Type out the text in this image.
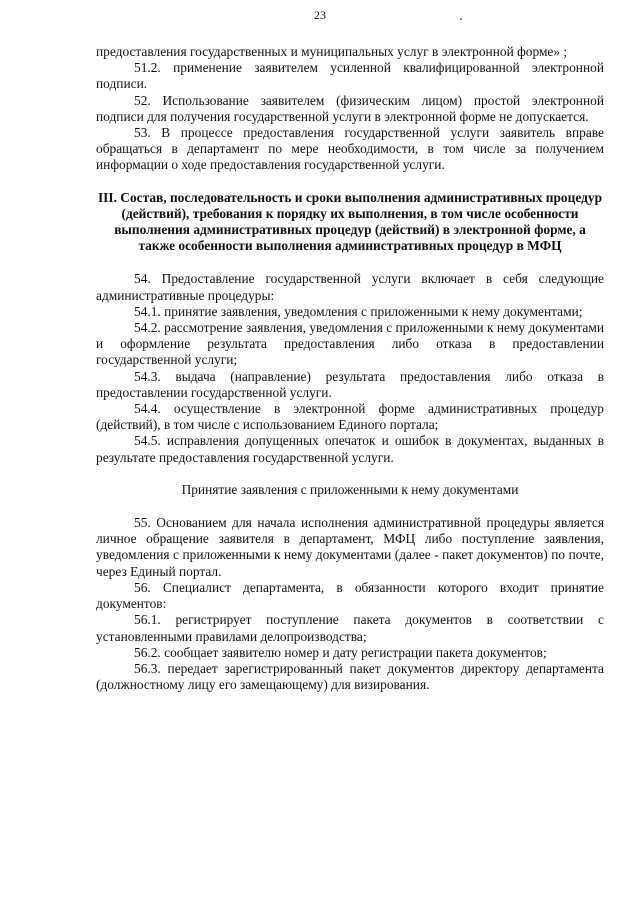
23

предоставления государственных и муниципальных услуг в электронной форме» ;

51.2. применение заявителем усиленной квалифицированной электронной подписи.

52. Использование заявителем (физическим лицом) простой электронной подписи для получения государственной услуги в электронной форме не допускается.

53. В процессе предоставления государственной услуги заявитель вправе обращаться в департамент по мере необходимости, в том числе за получением информации о ходе предоставления государственной услуги.

III. Состав, последовательность и сроки выполнения административных процедур (действий), требования к порядку их выполнения, в том числе особенности выполнения административных процедур (действий) в электронной форме, а также особенности выполнения административных процедур в МФЦ

54. Предоставление государственной услуги включает в себя следующие административные процедуры:

54.1. принятие заявления, уведомления с приложенными к нему документами;

54.2. рассмотрение заявления, уведомления с приложенными к нему документами и оформление результата предоставления либо отказа в предоставлении государственной услуги;

54.3. выдача (направление) результата предоставления либо отказа в предоставлении государственной услуги.

54.4. осуществление в электронной форме административных процедур (действий), в том числе с использованием Единого портала;

54.5. исправления допущенных опечаток и ошибок в документах, выданных в результате предоставления государственной услуги.

Принятие заявления с приложенными к нему документами

55. Основанием для начала исполнения административной процедуры является личное обращение заявителя в департамент, МФЦ либо поступление заявления, уведомления с приложенными к нему документами (далее - пакет документов) по почте, через Единый портал.

56. Специалист департамента, в обязанности которого входит принятие документов:

56.1. регистрирует поступление пакета документов в соответствии с установленными правилами делопроизводства;

56.2. сообщает заявителю номер и дату регистрации пакета документов;

56.3. передает зарегистрированный пакет документов директору департамента (должностному лицу его замещающему) для визирования.
